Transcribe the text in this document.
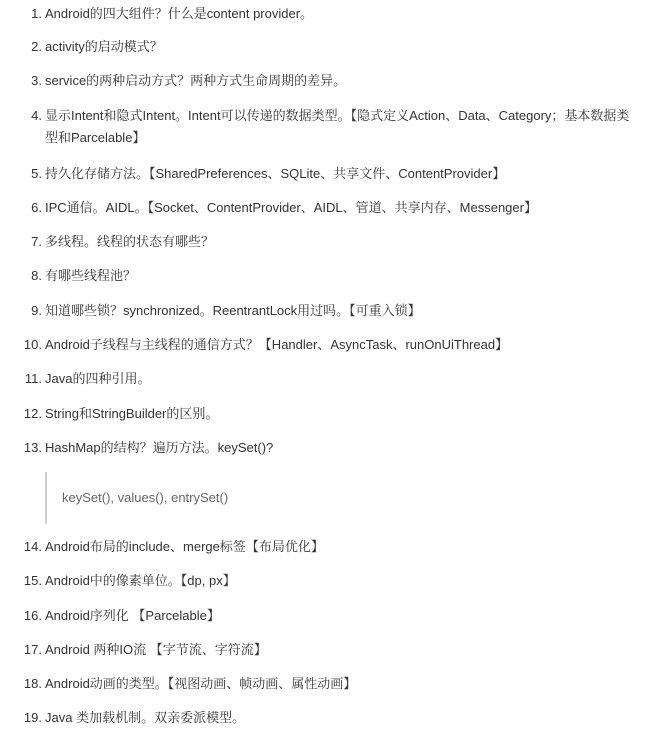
1. Android的四大组件？什么是content provider。
2. activity的启动模式？
3. service的两种启动方式？两种方式生命周期的差异。
4. 显示Intent和隐式Intent。Intent可以传递的数据类型。【隐式定义Action、Data、Category；基本数据类型和Parcelable】
5. 持久化存储方法。【SharedPreferences、SQLite、共享文件、ContentProvider】
6. IPC通信。AIDL。【Socket、ContentProvider、AIDL、管道、共享内存、Messenger】
7. 多线程。线程的状态有哪些？
8. 有哪些线程池？
9. 知道哪些锁？synchronized。ReentrantLock用过吗。【可重入锁】
10. Android子线程与主线程的通信方式？【Handler、AsyncTask、runOnUiThread】
11. Java的四种引用。
12. String和StringBuilder的区别。
13. HashMap的结构？遍历方法。keySet()?
keySet(), values(), entrySet()
14. Android布局的include、merge标签【布局优化】
15. Android中的像素单位。【dp, px】
16. Android序列化 【Parcelable】
17. Android 两种IO流 【字节流、字符流】
18. Android动画的类型。【视图动画、帧动画、属性动画】
19. Java 类加载机制。双亲委派模型。
